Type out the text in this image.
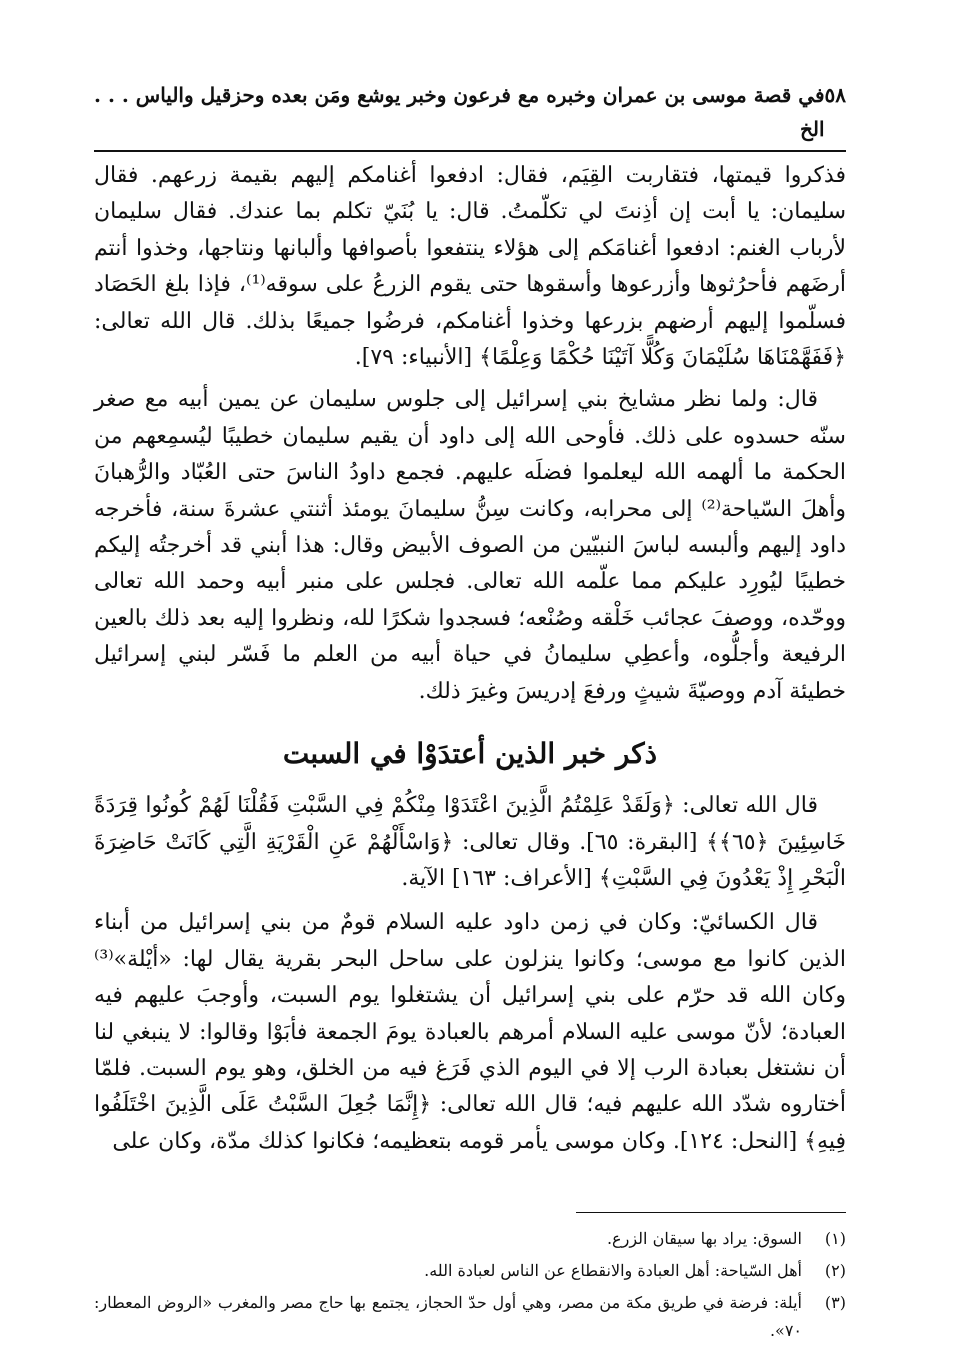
٥٨
في قصة موسى بن عمران وخبره مع فرعون وخبر يوشع ومَن بعده وحزقيل والياس . . . الخ

فذكروا قيمتها، فتقاربت القِيَم، فقال: ادفعوا أغنامكم إليهم بقيمة زرعهم. فقال سليمان: يا أبت إن أذِنتَ لي تكلّمتُ. قال: يا بُنَيّ تكلم بما عندك. فقال سليمان لأرباب الغنم: ادفعوا أغنامَكم إلى هؤلاء ينتفعوا بأصوافها وألبانها ونتاجها، وخذوا أنتم أرضَهم فأحرُثوها وأزرعوها وأسقوها حتى يقوم الزرعُ على سوقه⁽¹⁾، فإذا بلغ الحَصَاد فسلّموا إليهم أرضهم بزرعها وخذوا أغنامكم، فرضُوا جميعًا بذلك. قال الله تعالى: ﴿فَفَهَّمْنَاهَا سُلَيْمَانَ وَكُلًّا آتَيْنَا حُكْمًا وَعِلْمًا﴾ [الأنبياء: ٧٩].

قال: ولما نظر مشايخ بني إسرائيل إلى جلوس سليمان عن يمين أبيه مع صغر سنّه حسدوه على ذلك. فأوحى الله إلى داود أن يقيم سليمان خطيبًا ليُسمِعهم من الحكمة ما ألهمه الله ليعلموا فضلَه عليهم. فجمع داودُ الناسَ حتى العُبّاد والرُّهبانَ وأهلَ السّياحة⁽²⁾ إلى محرابه، وكانت سِنُّ سليمانَ يومئذ أثنتي عشرةَ سنة، فأخرجه داود إليهم وألبسه لباسَ النبيّين من الصوف الأبيض وقال: هذا أبني قد أخرجتُه إليكم خطيبًا ليُورِد عليكم مما علّمه الله تعالى. فجلس على منبر أبيه وحمد الله تعالى ووحّده، ووصفَ عجائب خَلْقه وصُنْعه؛ فسجدوا شكرًا لله، ونظروا إليه بعد ذلك بالعين الرفيعة وأجلُّوه، وأعطِي سليمانُ في حياة أبيه من العلم ما فَسّر لبني إسرائيل خطيئة آدم ووصيّةَ شيثٍ ورفعَ إدريسَ وغيرَ ذلك.

ذكر خبر الذين أعتدَوْا في السبت

قال الله تعالى: ﴿وَلَقَدْ عَلِمْتُمُ الَّذِينَ اعْتَدَوْا مِنْكُمْ فِي السَّبْتِ فَقُلْنَا لَهُمْ كُونُوا قِرَدَةً خَاسِئِينَ ﴿٦٥﴾﴾ [البقرة: ٦٥]. وقال تعالى: ﴿وَاسْأَلْهُمْ عَنِ الْقَرْيَةِ الَّتِي كَانَتْ حَاضِرَةَ الْبَحْرِ إِذْ يَعْدُونَ فِي السَّبْتِ﴾ [الأعراف: ١٦٣] الآية.

قال الكسائيّ: وكان في زمن داود عليه السلام قومٌ من بني إسرائيل من أبناء الذين كانوا مع موسى؛ وكانوا ينزلون على ساحل البحر بقرية يقال لها: «أيْلة»⁽³⁾ وكان الله قد حرّم على بني إسرائيل أن يشتغلوا يوم السبت، وأوجبَ عليهم فيه العبادة؛ لأنّ موسى عليه السلام أمرهم بالعبادة يومَ الجمعة فأبَوْا وقالوا: لا ينبغي لنا أن نشتغل بعبادة الرب إلا في اليوم الذي فَرَغ فيه من الخلق، وهو يوم السبت. فلمّا أختاروه شدّد الله عليهم فيه؛ قال الله تعالى: ﴿إِنَّمَا جُعِلَ السَّبْتُ عَلَى الَّذِينَ اخْتَلَفُوا فِيهِ﴾ [النحل: ١٢٤]. وكان موسى يأمر قومه بتعظيمه؛ فكانوا كذلك مدّة، وكان على

(١)
السوق: يراد بها سيقان الزرع.
(٢)
أهل السّياحة: أهل العبادة والانقطاع عن الناس لعبادة الله.
(٣)
أيلة: فرضة في طريق مكة من مصر، وهي أول حدّ الحجاز، يجتمع بها حاج مصر والمغرب «الروض المعطار: ٧٠».
